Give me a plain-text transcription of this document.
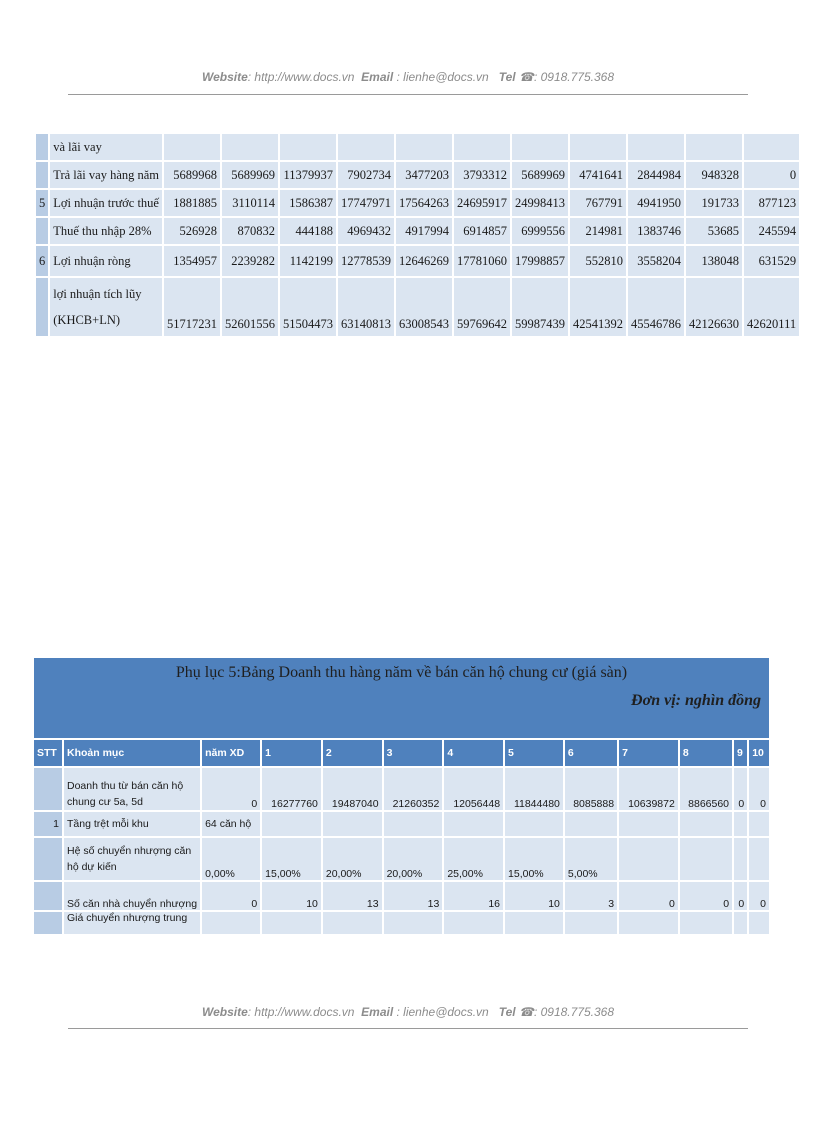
Website: http://www.docs.vn Email : lienhe@docs.vn Tel ☎: 0918.775.368
	và lãi vay											
	Trả lãi vay hàng năm	5689968	5689969	11379937	7902734	3477203	3793312	5689969	4741641	2844984	948328	0
5	Lợi nhuận trước thuế	1881885	3110114	1586387	17747971	17564263	24695917	24998413	767791	4941950	191733	877123
	Thuế thu nhập 28%	526928	870832	444188	4969432	4917994	6914857	6999556	214981	1383746	53685	245594
6	Lợi nhuận ròng	1354957	2239282	1142199	12778539	12646269	17781060	17998857	552810	3558204	138048	631529

	lợi nhuận tích lũy
(KHCB+LN)	51717231	52601556	51504473	63140813	63008543	59769642	59987439	42541392	45546786	42126630	42620111
Phụ lục 5:Bảng Doanh thu hàng năm về bán căn hộ chung cư (giá sàn)
Đơn vị: nghìn đồng
STT	Khoản mục	năm XD	1	2	3	4	5	6	7	8	9	10
	Doanh thu từ bán căn hộ chung cư 5a, 5d	0	16277760	19487040	21260352	12056448	11844480	8085888	10639872	8866560	0	0
1	Tầng trệt mỗi khu	64 căn hộ										
	Hệ số chuyển nhượng căn hộ dự kiến	0,00%	15,00%	20,00%	20,00%	25,00%	15,00%	5,00%				
	Số căn nhà chuyển nhượng	0	10	13	13	16	10	3	0	0	0	0
	Giá chuyển nhượng trung											
Website: http://www.docs.vn Email : lienhe@docs.vn Tel ☎: 0918.775.368
